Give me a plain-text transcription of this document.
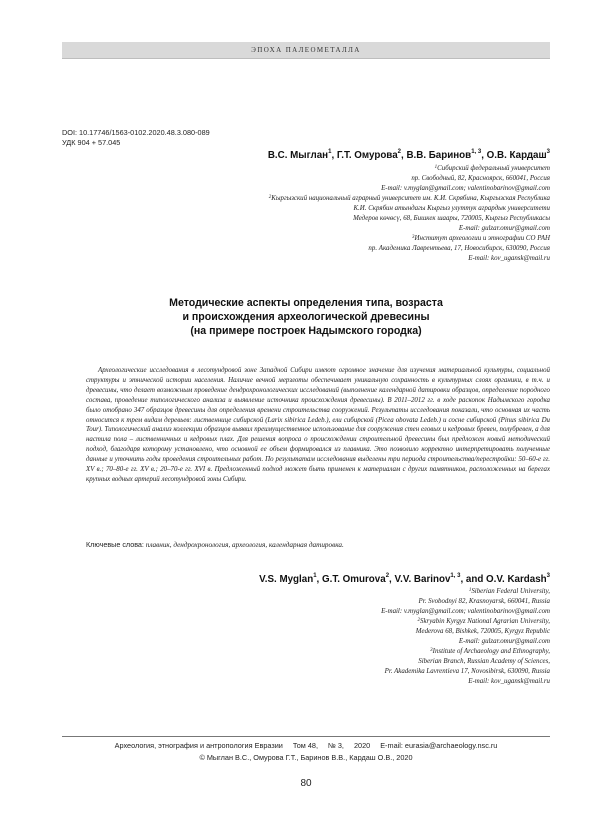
ЭПОХА ПАЛЕОМЕТАЛЛА
DOI: 10.17746/1563-0102.2020.48.3.080-089
УДК 904 + 57.045
В.С. Мыглан$^1$, Г.Т. Омурова$^2$, В.В. Баринов$^{1, 3}$, О.В. Кардаш$^3$
$^1$Сибирский федеральный университет
пр. Свободный, 82, Красноярск, 660041, Россия
E-mail: v.myglan@gmail.com; valentinobarinov@gmail.com
$^2$Кыргызский национальный аграрный университет им. К.И. Скрябина, Кыргызская Республика
К.И. Скрябин атындагы Кыргыз улуттук агрардык университети
Медеров көчөсү, 68, Бишкек шаары, 720005, Кыргыз Республикасы
E-mail: gulzar.omur@gmail.com
$^3$Институт археологии и этнографии СО РАН
пр. Академика Лаврентьева, 17, Новосибирск, 630090, Россия
E-mail: kov_ugansk@mail.ru
Методические аспекты определения типа, возраста
и происхождения археологической древесины
(на примере построек Надымского городка)
Археологические исследования в лесотундровой зоне Западной Сибири имеют огромное значение для изучения материальной культуры, социальной структуры и этнической истории населения. Наличие вечной мерзлоты обеспечивает уникальную сохранность в культурных слоях органики, в т.ч. и древесины, что делает возможным проведение дендрохронологических исследований (выполнение календарной датировки образцов, определение породного состава, проведение типологического анализа и выявление источника происхождения древесины). В 2011–2012 гг. в ходе раскопок Надымского городка было отобрано 347 образцов древесины для определения времени строительства сооружений. Результаты исследования показали, что основная их часть относится к трем видам деревьев: лиственнице сибирской (Larix sibirica Ledeb.), ели сибирской (Picea obovata Ledeb.) и сосне сибирской (Pinus sibirica Du Tour). Типологический анализ коллекции образцов выявил преимущественное использование для сооружения стен еловых и кедровых бревен, полубревен, а для настила пола – лиственничных и кедровых плах. Для решения вопроса о происхождении строительной древесины был предложен новый методический подход, благодаря которому установлено, что основной ее объем формировался из плавника. Это позволило корректно интерпретировать полученные данные и уточнить годы проведения строительных работ. По результатам исследования выделены три периода строительства/перестройки: 50–60-е гг. XV в.; 70–80-е гг. XV в.; 20–70-е гг. XVI в. Предложенный подход может быть применен к материалам с других памятников, расположенных на берегах крупных водных артерий лесотундровой зоны Сибири.
Ключевые слова: плавник, дендрохронология, археология, календарная датировка.
V.S. Myglan$^1$, G.T. Omurova$^2$, V.V. Barinov$^{1, 3}$, and O.V. Kardash$^3$
$^1$Siberian Federal University,
Pr. Svobodnyi 82, Krasnoyarsk, 660041, Russia
E-mail: v.myglan@gmail.com; valentinobarinov@gmail.com
$^2$Skryabin Kyrgyz National Agrarian University,
Mederova 68, Bishkek, 720005, Kyrgyz Republic
E-mail: gulzar.omur@gmail.com
$^3$Institute of Archaeology and Ethnography,
Siberian Branch, Russian Academy of Sciences,
Pr. Akademika Lavrentieva 17, Novosibirsk, 630090, Russia
E-mail: kov_ugansk@mail.ru
Археология, этнография и антропология Евразии Том 48, № 3, 2020 E-mail: eurasia@archaeology.nsc.ru
© Мыглан В.С., Омурова Г.Т., Баринов В.В., Кардаш О.В., 2020
80
